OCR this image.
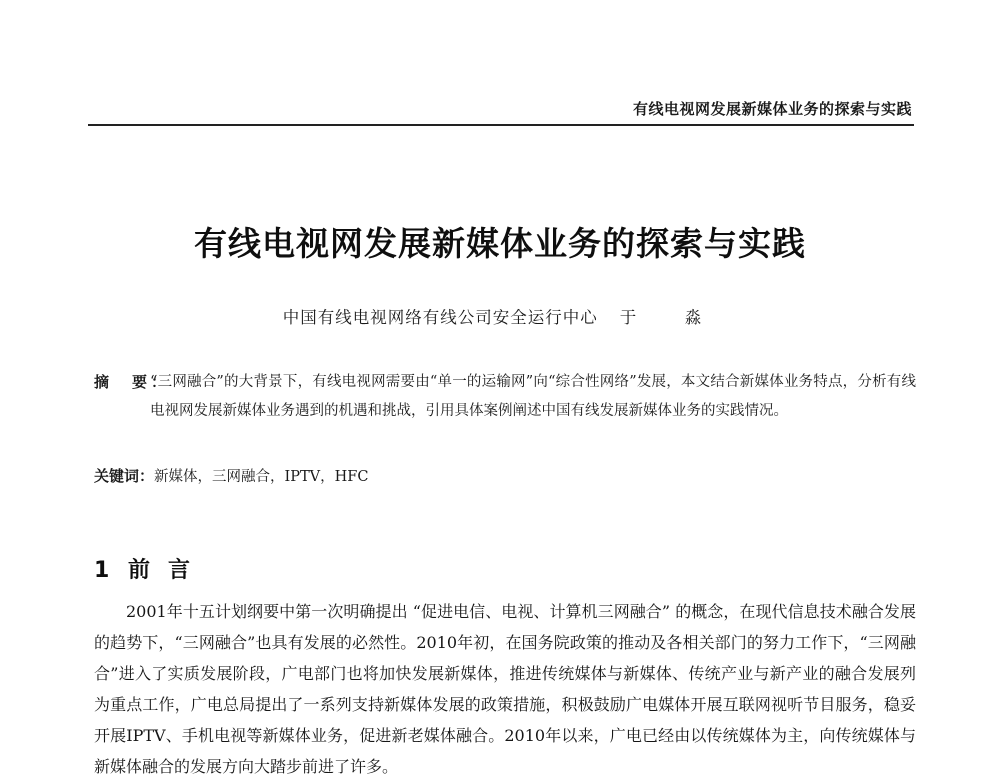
有线电视网发展新媒体业务的探索与实践
有线电视网发展新媒体业务的探索与实践
中国有线电视网络有线公司安全运行中心 于　淼
摘　要：
“三网融合”的大背景下，有线电视网需要由“单一的运输网”向“综合性网络”发展，本文结合新媒体业务特点，分析有线电视网发展新媒体业务遇到的机遇和挑战，引用具体案例阐述中国有线发展新媒体业务的实践情况。
关键词：新媒体，三网融合，IPTV，HFC
1 前言
2001年十五计划纲要中第一次明确提出 “促进电信、电视、计算机三网融合” 的概念，在现代信息技术融合发展的趋势下，“三网融合”也具有发展的必然性。2010年初，在国务院政策的推动及各相关部门的努力工作下，“三网融合”进入了实质发展阶段，广电部门也将加快发展新媒体，推进传统媒体与新媒体、传统产业与新产业的融合发展列为重点工作，广电总局提出了一系列支持新媒体发展的政策措施，积极鼓励广电媒体开展互联网视听节目服务，稳妥开展IPTV、手机电视等新媒体业务，促进新老媒体融合。2010年以来，广电已经由以传统媒体为主，向传统媒体与新媒体融合的发展方向大踏步前进了许多。
